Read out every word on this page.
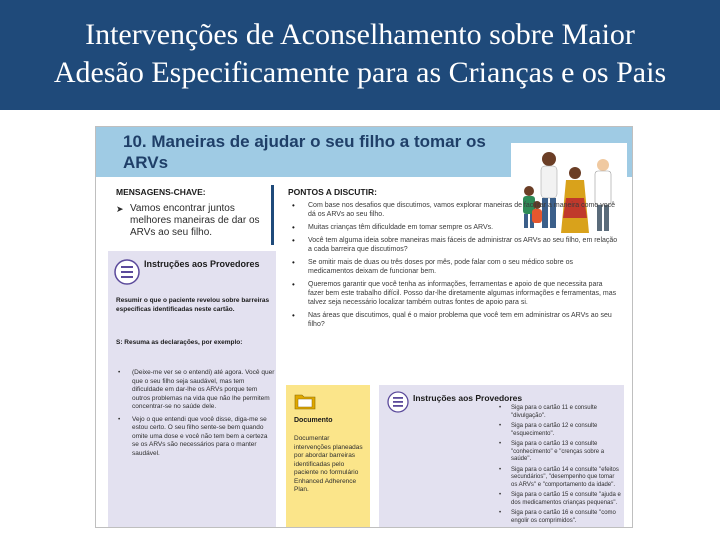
Intervenções de Aconselhamento sobre Maior
Adesão Especificamente para as Crianças e os Pais
10. Maneiras de ajudar o seu filho a tomar os ARVs
MENSAGENS-CHAVE:
➤ Vamos encontrar juntos melhores maneiras de dar os ARVs ao seu filho.
PONTOS A DISCUTIR:
• Com base nos desafios que discutimos, vamos explorar maneiras de facilitar a maneira como você dá os ARVs ao seu filho.
• Muitas crianças têm dificuldade em tomar sempre os ARVs.
• Você tem alguma ideia sobre maneiras mais fáceis de administrar os ARVs ao seu filho, em relação a cada barreira que discutimos?
• Se omitir mais de duas ou três doses por mês, pode falar com o seu médico sobre os medicamentos deixam de funcionar bem.
• Queremos garantir que você tenha as informações, ferramentas e apoio de que necessita para fazer bem este trabalho difícil. Posso dar-lhe diretamente algumas informações e ferramentas, mas talvez seja necessário localizar também outras fontes de apoio para si.
• Nas áreas que discutimos, qual é o maior problema que você tem em administrar os ARVs ao seu filho?
Instruções aos Provedores
Resumir o que o paciente revelou sobre barreiras específicas identificadas neste cartão.
S: Resuma as declarações, por exemplo:
• (Deixe-me ver se o entendi) até agora. Você quer que o seu filho seja saudável, mas tem dificuldade em dar-lhe os ARVs porque tem outros problemas na vida que não lhe permitem concentrar-se no saúde dele.
• Vejo o que entendi que você disse, diga-me se estou certo. O seu filho sente-se bem quando omite uma dose e você não tem bem a certeza se os ARVs são necessários para o manter saudável.
Documento
Documentar intervenções planeadas por abordar barreiras identificadas pelo paciente no formulário Enhanced Adherence Plan.
Instruções aos Provedores
• Siga para o cartão 11 e consulte "divulgação".
• Siga para o cartão 12 e consulte "esquecimento".
• Siga para o cartão 13 e consulte "conhecimento" e "crenças sobre a saúde".
• Siga para o cartão 14 e consulte "efeitos secundários", "desempenho que tomar os ARVs" e "comportamento da idade".
• Siga para o cartão 15 e consulte "ajuda e dos medicamentos crianças pequenas".
• Siga para o cartão 16 e consulte "como engolir os comprimidos".
